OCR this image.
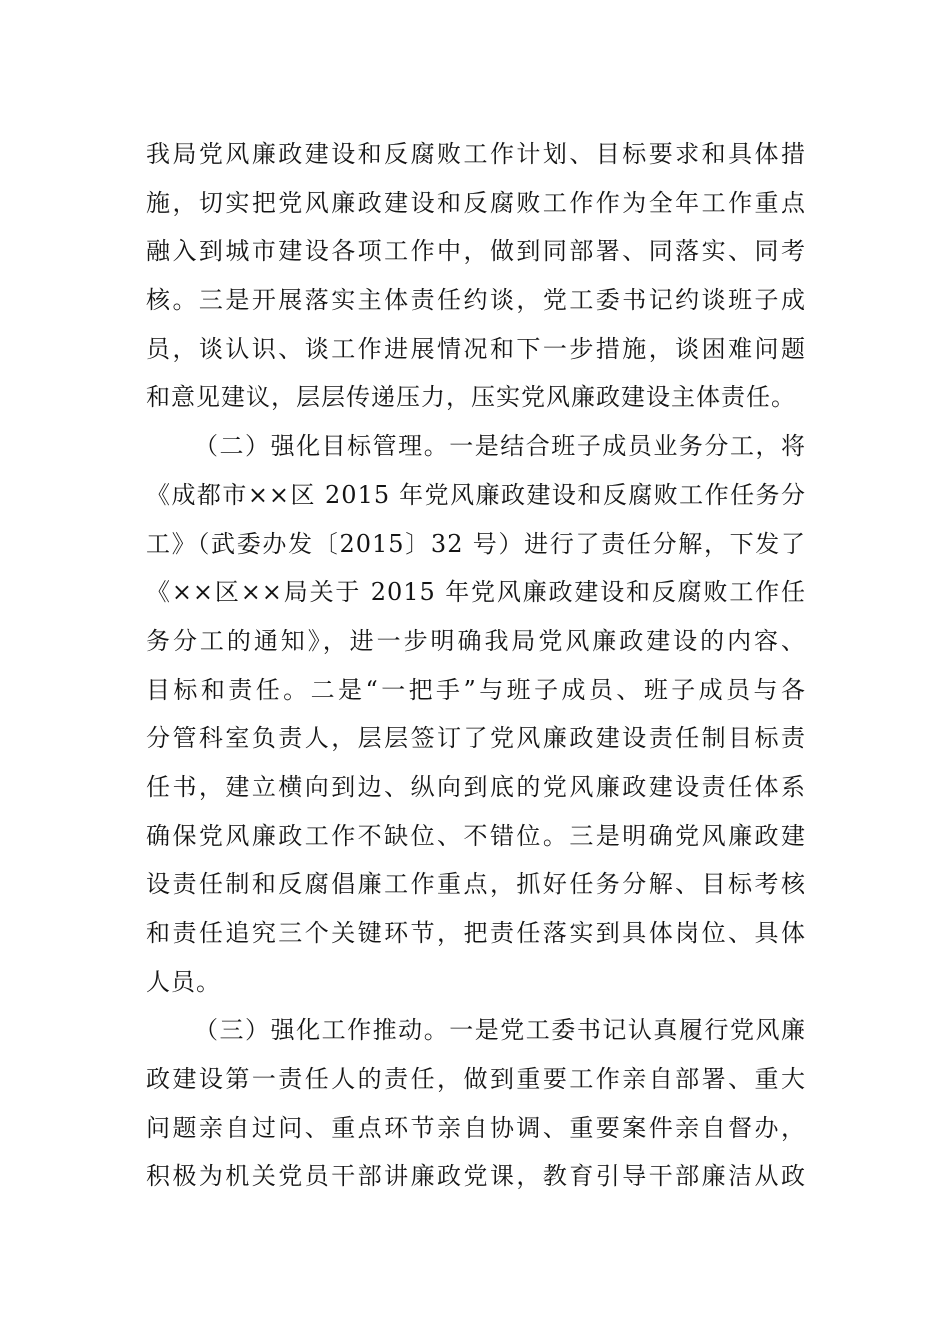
我局党风廉政建设和反腐败工作计划、目标要求和具体措
施，切实把党风廉政建设和反腐败工作作为全年工作重点
融入到城市建设各项工作中，做到同部署、同落实、同考
核。三是开展落实主体责任约谈，党工委书记约谈班子成
员，谈认识、谈工作进展情况和下一步措施，谈困难问题
和意见建议，层层传递压力，压实党风廉政建设主体责任。
（二）强化目标管理。一是结合班子成员业务分工，将
《成都市××区 2015 年党风廉政建设和反腐败工作任务分
工》（武委办发〔2015〕32 号）进行了责任分解，下发了
《××区××局关于 2015 年党风廉政建设和反腐败工作任
务分工的通知》，进一步明确我局党风廉政建设的内容、
目标和责任。二是“一把手”与班子成员、班子成员与各
分管科室负责人，层层签订了党风廉政建设责任制目标责
任书，建立横向到边、纵向到底的党风廉政建设责任体系
确保党风廉政工作不缺位、不错位。三是明确党风廉政建
设责任制和反腐倡廉工作重点，抓好任务分解、目标考核
和责任追究三个关键环节，把责任落实到具体岗位、具体
人员。
（三）强化工作推动。一是党工委书记认真履行党风廉
政建设第一责任人的责任，做到重要工作亲自部署、重大
问题亲自过问、重点环节亲自协调、重要案件亲自督办，
积极为机关党员干部讲廉政党课，教育引导干部廉洁从政
